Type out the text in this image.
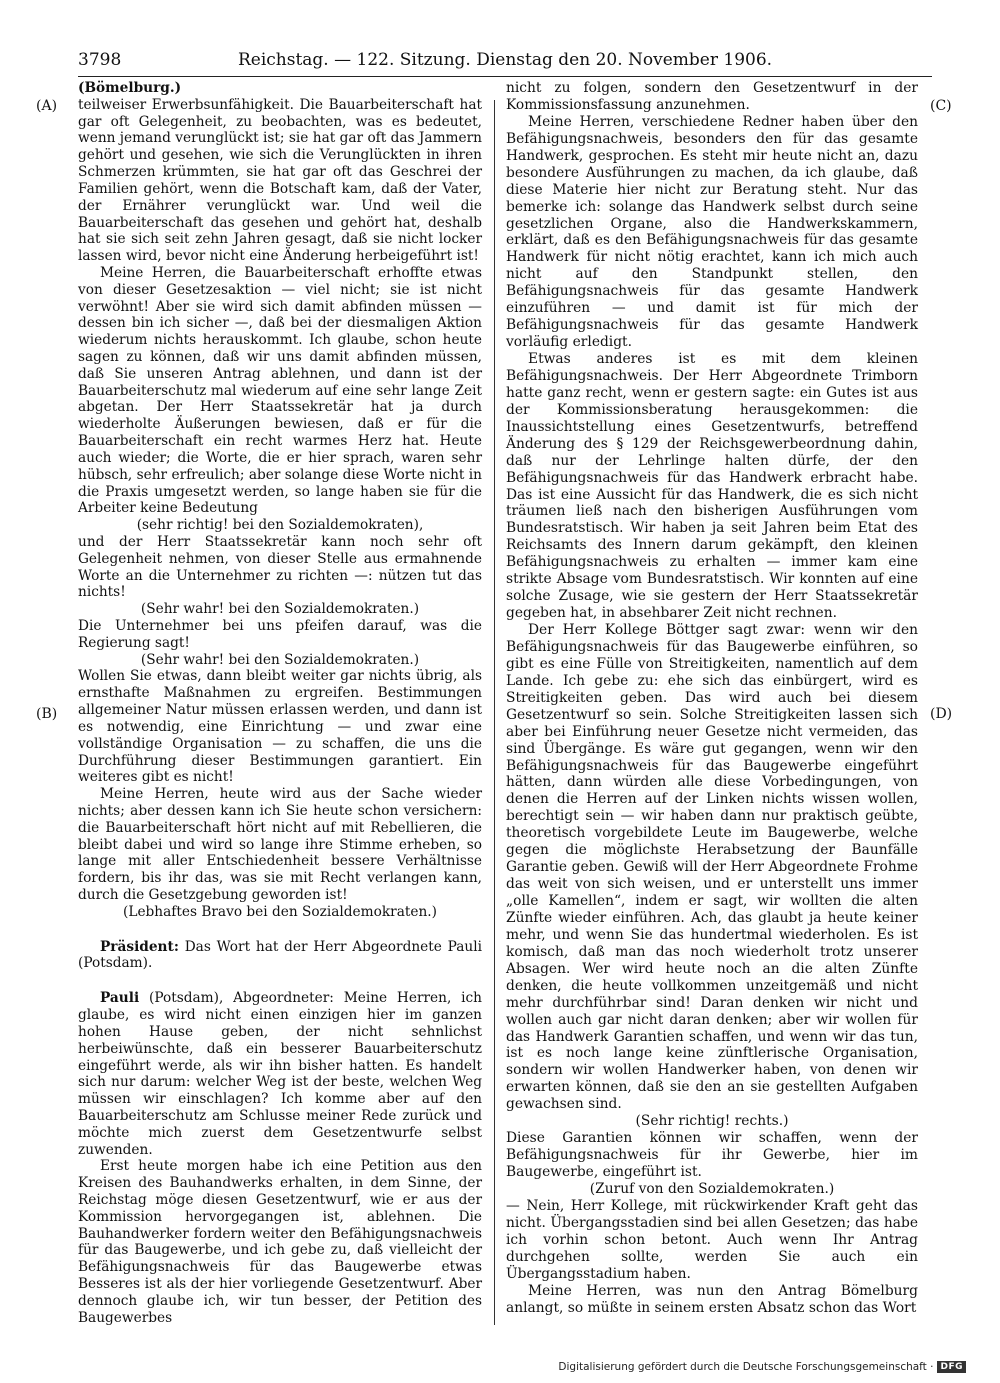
3798	Reichstag. — 122. Sitzung. Dienstag den 20. November 1906.
(A)
(B)
(C)
(D)

(Bömelburg.)

teilweiser Erwerbsunfähigkeit. Die Bauarbeiterschaft hat gar oft Gelegenheit, zu beobachten, was es bedeutet, wenn jemand verunglückt ist; sie hat gar oft das Jammern gehört und gesehen, wie sich die Verunglückten in ihren Schmerzen krümmten, sie hat gar oft das Geschrei der Familien gehört, wenn die Botschaft kam, daß der Vater, der Ernährer verunglückt war. Und weil die Bauarbeiterschaft das gesehen und gehört hat, deshalb hat sie sich seit zehn Jahren gesagt, daß sie nicht locker lassen wird, bevor nicht eine Änderung herbeigeführt ist!

Meine Herren, die Bauarbeiterschaft erhoffte etwas von dieser Gesetzesaktion — viel nicht; sie ist nicht verwöhnt! Aber sie wird sich damit abfinden müssen — dessen bin ich sicher —, daß bei der diesmaligen Aktion wiederum nichts herauskommt. Ich glaube, schon heute sagen zu können, daß wir uns damit abfinden müssen, daß Sie unseren Antrag ablehnen, und dann ist der Bauarbeiterschutz mal wiederum auf eine sehr lange Zeit abgetan. Der Herr Staatssekretär hat ja durch wiederholte Äußerungen bewiesen, daß er für die Bauarbeiterschaft ein recht warmes Herz hat. Heute auch wieder; die Worte, die er hier sprach, waren sehr hübsch, sehr erfreulich; aber solange diese Worte nicht in die Praxis umgesetzt werden, so lange haben sie für die Arbeiter keine Bedeutung

(sehr richtig! bei den Sozialdemokraten),

und der Herr Staatssekretär kann noch sehr oft Gelegenheit nehmen, von dieser Stelle aus ermahnende Worte an die Unternehmer zu richten —: nützen tut das nichts!

(Sehr wahr! bei den Sozialdemokraten.)

Die Unternehmer bei uns pfeifen darauf, was die Regierung sagt!

(Sehr wahr! bei den Sozialdemokraten.)

Wollen Sie etwas, dann bleibt weiter gar nichts übrig, als ernsthafte Maßnahmen zu ergreifen. Bestimmungen allgemeiner Natur müssen erlassen werden, und dann ist es notwendig, eine Einrichtung — und zwar eine vollständige Organisation — zu schaffen, die uns die Durchführung dieser Bestimmungen garantiert. Ein weiteres gibt es nicht!

Meine Herren, heute wird aus der Sache wieder nichts; aber dessen kann ich Sie heute schon versichern: die Bauarbeiterschaft hört nicht auf mit Rebellieren, die bleibt dabei und wird so lange ihre Stimme erheben, so lange mit aller Entschiedenheit bessere Verhältnisse fordern, bis ihr das, was sie mit Recht verlangen kann, durch die Gesetzgebung geworden ist!

(Lebhaftes Bravo bei den Sozialdemokraten.)

Präsident: Das Wort hat der Herr Abgeordnete Pauli (Potsdam).

Pauli (Potsdam), Abgeordneter: Meine Herren, ich glaube, es wird nicht einen einzigen hier im ganzen hohen Hause geben, der nicht sehnlichst herbeiwünschte, daß ein besserer Bauarbeiterschutz eingeführt werde, als wir ihn bisher hatten. Es handelt sich nur darum: welcher Weg ist der beste, welchen Weg müssen wir einschlagen? Ich komme aber auf den Bauarbeiterschutz am Schlusse meiner Rede zurück und möchte mich zuerst dem Gesetzentwurfe selbst zuwenden.

Erst heute morgen habe ich eine Petition aus den Kreisen des Bauhandwerks erhalten, in dem Sinne, der Reichstag möge diesen Gesetzentwurf, wie er aus der Kommission hervorgegangen ist, ablehnen. Die Bauhandwerker fordern weiter den Befähigungsnachweis für das Baugewerbe, und ich gebe zu, daß vielleicht der Befähigungsnachweis für das Baugewerbe etwas Besseres ist als der hier vorliegende Gesetzentwurf. Aber dennoch glaube ich, wir tun besser, der Petition des Baugewerbes

nicht zu folgen, sondern den Gesetzentwurf in der Kommissionsfassung anzunehmen.

Meine Herren, verschiedene Redner haben über den Befähigungsnachweis, besonders den für das gesamte Handwerk, gesprochen. Es steht mir heute nicht an, dazu besondere Ausführungen zu machen, da ich glaube, daß diese Materie hier nicht zur Beratung steht. Nur das bemerke ich: solange das Handwerk selbst durch seine gesetzlichen Organe, also die Handwerkskammern, erklärt, daß es den Befähigungsnachweis für das gesamte Handwerk für nicht nötig erachtet, kann ich mich auch nicht auf den Standpunkt stellen, den Befähigungsnachweis für das gesamte Handwerk einzuführen — und damit ist für mich der Befähigungsnachweis für das gesamte Handwerk vorläufig erledigt.

Etwas anderes ist es mit dem kleinen Befähigungsnachweis. Der Herr Abgeordnete Trimborn hatte ganz recht, wenn er gestern sagte: ein Gutes ist aus der Kommissionsberatung herausgekommen: die Inaussichtstellung eines Gesetzentwurfs, betreffend Änderung des § 129 der Reichsgewerbeordnung dahin, daß nur der Lehrlinge halten dürfe, der den Befähigungsnachweis für das Handwerk erbracht habe. Das ist eine Aussicht für das Handwerk, die es sich nicht träumen ließ nach den bisherigen Ausführungen vom Bundesratstisch. Wir haben ja seit Jahren beim Etat des Reichsamts des Innern darum gekämpft, den kleinen Befähigungsnachweis zu erhalten — immer kam eine strikte Absage vom Bundesratstisch. Wir konnten auf eine solche Zusage, wie sie gestern der Herr Staatssekretär gegeben hat, in absehbarer Zeit nicht rechnen.

Der Herr Kollege Böttger sagt zwar: wenn wir den Befähigungsnachweis für das Baugewerbe einführen, so gibt es eine Fülle von Streitigkeiten, namentlich auf dem Lande. Ich gebe zu: ehe sich das einbürgert, wird es Streitigkeiten geben. Das wird auch bei diesem Gesetzentwurf so sein. Solche Streitigkeiten lassen sich aber bei Einführung neuer Gesetze nicht vermeiden, das sind Übergänge. Es wäre gut gegangen, wenn wir den Befähigungsnachweis für das Baugewerbe eingeführt hätten, dann würden alle diese Vorbedingungen, von denen die Herren auf der Linken nichts wissen wollen, berechtigt sein — wir haben dann nur praktisch geübte, theoretisch vorgebildete Leute im Baugewerbe, welche gegen die möglichste Herabsetzung der Baunfälle Garantie geben. Gewiß will der Herr Abgeordnete Frohme das weit von sich weisen, und er unterstellt uns immer „olle Kamellen“, indem er sagt, wir wollten die alten Zünfte wieder einführen. Ach, das glaubt ja heute keiner mehr, und wenn Sie das hundertmal wiederholen. Es ist komisch, daß man das noch wiederholt trotz unserer Absagen. Wer wird heute noch an die alten Zünfte denken, die heute vollkommen unzeitgemäß und nicht mehr durchführbar sind! Daran denken wir nicht und wollen auch gar nicht daran denken; aber wir wollen für das Handwerk Garantien schaffen, und wenn wir das tun, ist es noch lange keine zünftlerische Organisation, sondern wir wollen Handwerker haben, von denen wir erwarten können, daß sie den an sie gestellten Aufgaben gewachsen sind.

(Sehr richtig! rechts.)

Diese Garantien können wir schaffen, wenn der Befähigungsnachweis für ihr Gewerbe, hier im Baugewerbe, eingeführt ist.

(Zuruf von den Sozialdemokraten.)

— Nein, Herr Kollege, mit rückwirkender Kraft geht das nicht. Übergangsstadien sind bei allen Gesetzen; das habe ich vorhin schon betont. Auch wenn Ihr Antrag durchgehen sollte, werden Sie auch ein Übergangsstadium haben.

Meine Herren, was nun den Antrag Bömelburg anlangt, so müßte in seinem ersten Absatz schon das Wort

Digitalisierung gefördert durch die Deutsche Forschungsgemeinschaft · DFG
